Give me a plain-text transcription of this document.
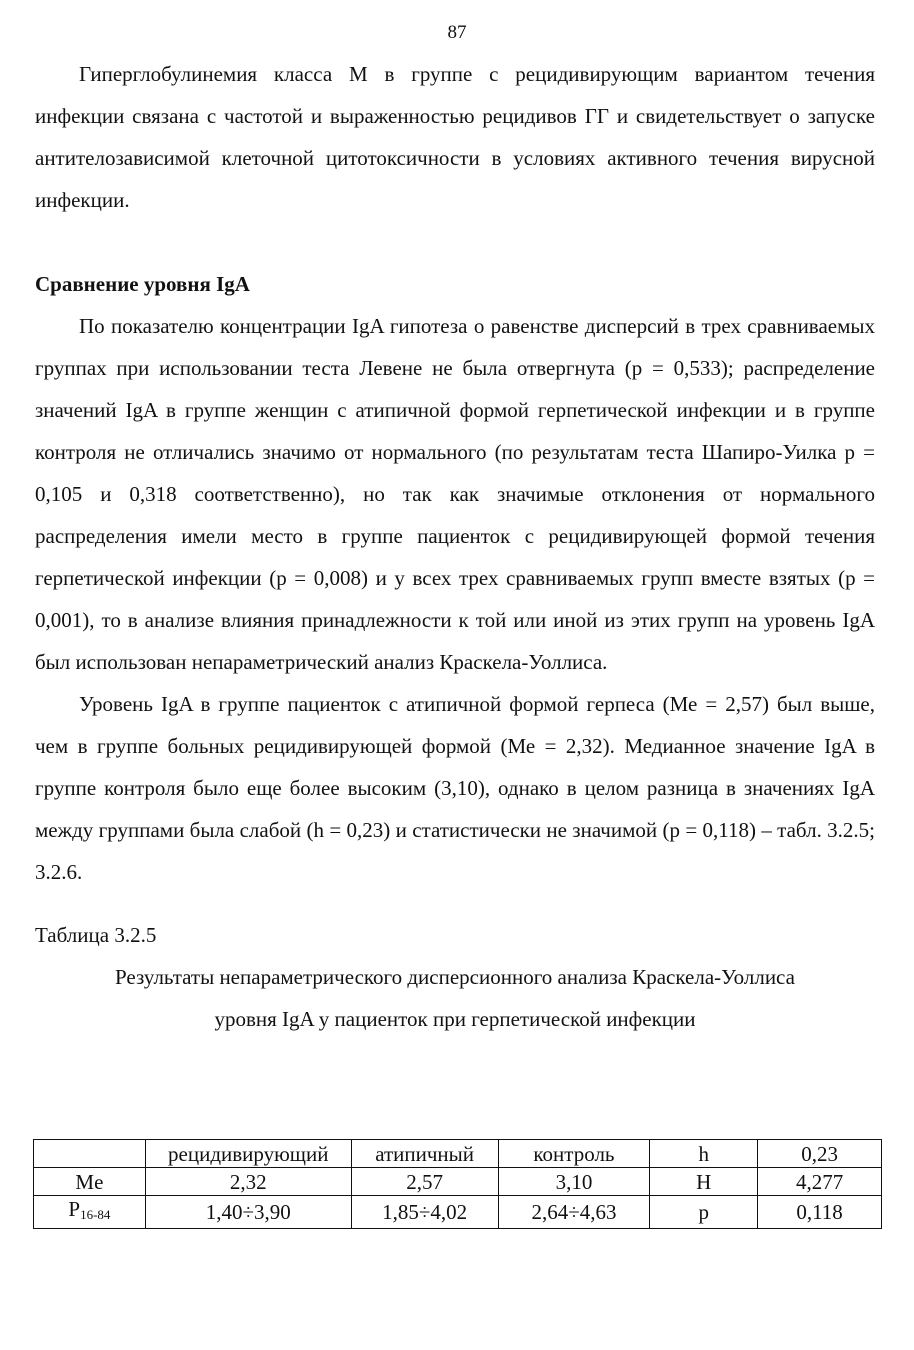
87

Гиперглобулинемия класса М в группе с рецидивирующим вариантом течения инфекции связана с частотой и выраженностью рецидивов ГГ и свидетельствует о запуске антителозависимой клеточной цитотоксичности в условиях активного течения вирусной инфекции.

Сравнение уровня IgA

По показателю концентрации IgA гипотеза о равенстве дисперсий в трех сравниваемых группах при использовании теста Левене не была отвергнута (р = 0,533); распределение значений IgA в группе женщин с атипичной формой герпетической инфекции и в группе контроля не отличались значимо от нормального (по результатам теста Шапиро-Уилка р = 0,105 и 0,318 соответственно), но так как значимые отклонения от нормального распределения имели место в группе пациенток с рецидивирующей формой течения герпетической инфекции (р = 0,008) и у всех трех сравниваемых групп вместе взятых (р = 0,001), то в анализе влияния принадлежности к той или иной из этих групп на уровень IgA был использован непараметрический анализ Краскела-Уоллиса.

Уровень IgA в группе пациенток с атипичной формой герпеса (Ме = 2,57) был выше, чем в группе больных рецидивирующей формой (Ме = 2,32). Медианное значение IgA в группе контроля было еще более высоким (3,10), однако в целом разница в значениях IgA между группами была слабой (h = 0,23) и статистически не значимой (р = 0,118) – табл. 3.2.5; 3.2.6.

Таблица 3.2.5

Результаты непараметрического дисперсионного анализа Краскела-Уоллиса

уровня IgA у пациенток при герпетической инфекции

	рецидивирующий	атипичный	контроль	h	0,23
Me	2,32	2,57	3,10	H	4,277
$P_{16-84}$	1,40÷3,90	1,85÷4,02	2,64÷4,63	p	0,118
